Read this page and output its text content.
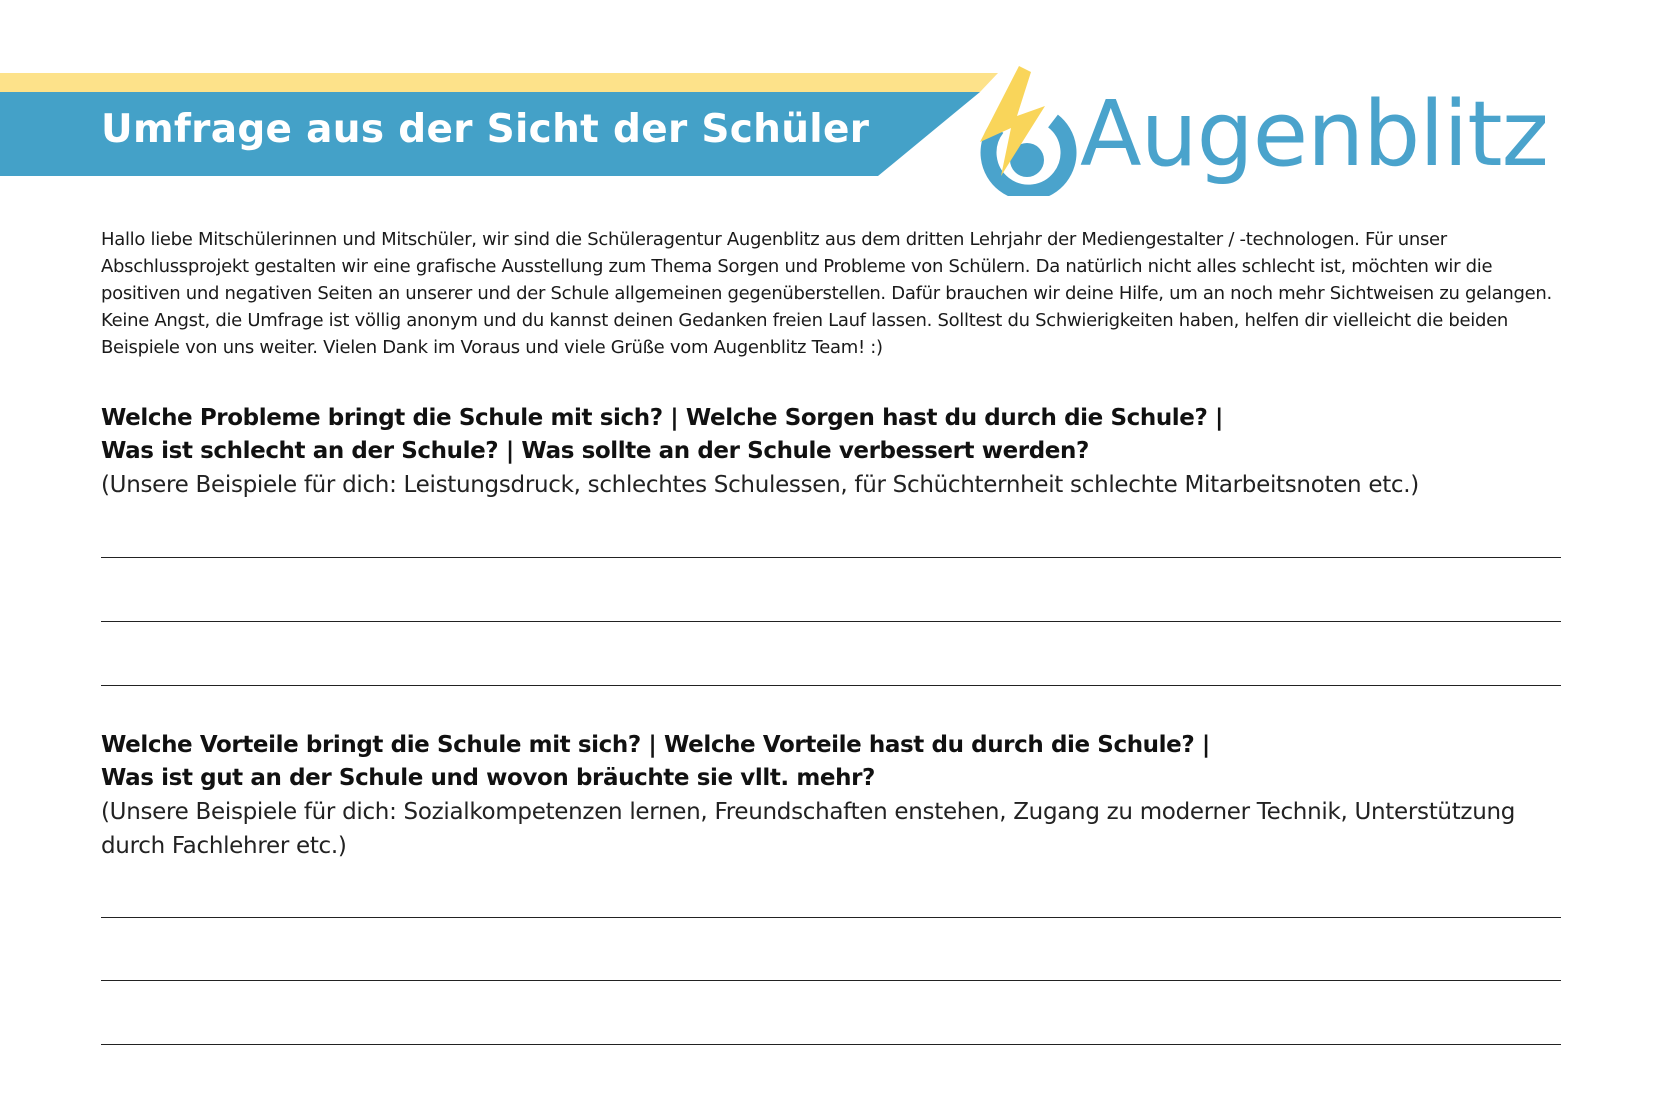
Umfrage aus der Sicht der Schüler Augenblitz

Hallo liebe Mitschülerinnen und Mitschüler, wir sind die Schüleragentur Augenblitz aus dem dritten Lehrjahr der Mediengestalter / -technologen. Für unser Abschlussprojekt gestalten wir eine grafische Ausstellung zum Thema Sorgen und Probleme von Schülern. Da natürlich nicht alles schlecht ist, möchten wir die positiven und negativen Seiten an unserer und der Schule allgemeinen gegenüberstellen. Dafür brauchen wir deine Hilfe, um an noch mehr Sichtweisen zu gelangen. Keine Angst, die Umfrage ist völlig anonym und du kannst deinen Gedanken freien Lauf lassen. Solltest du Schwierigkeiten haben, helfen dir vielleicht die beiden Beispiele von uns weiter. Vielen Dank im Voraus und viele Grüße vom Augenblitz Team! :)

Welche Probleme bringt die Schule mit sich? | Welche Sorgen hast du durch die Schule? |
Was ist schlecht an der Schule? | Was sollte an der Schule verbessert werden?
(Unsere Beispiele für dich: Leistungsdruck, schlechtes Schulessen, für Schüchternheit schlechte Mitarbeitsnoten etc.)
Welche Vorteile bringt die Schule mit sich? | Welche Vorteile hast du durch die Schule? |
Was ist gut an der Schule und wovon bräuchte sie vllt. mehr?
(Unsere Beispiele für dich: Sozialkompetenzen lernen, Freundschaften enstehen, Zugang zu moderner Technik, Unterstützung durch Fachlehrer etc.)
